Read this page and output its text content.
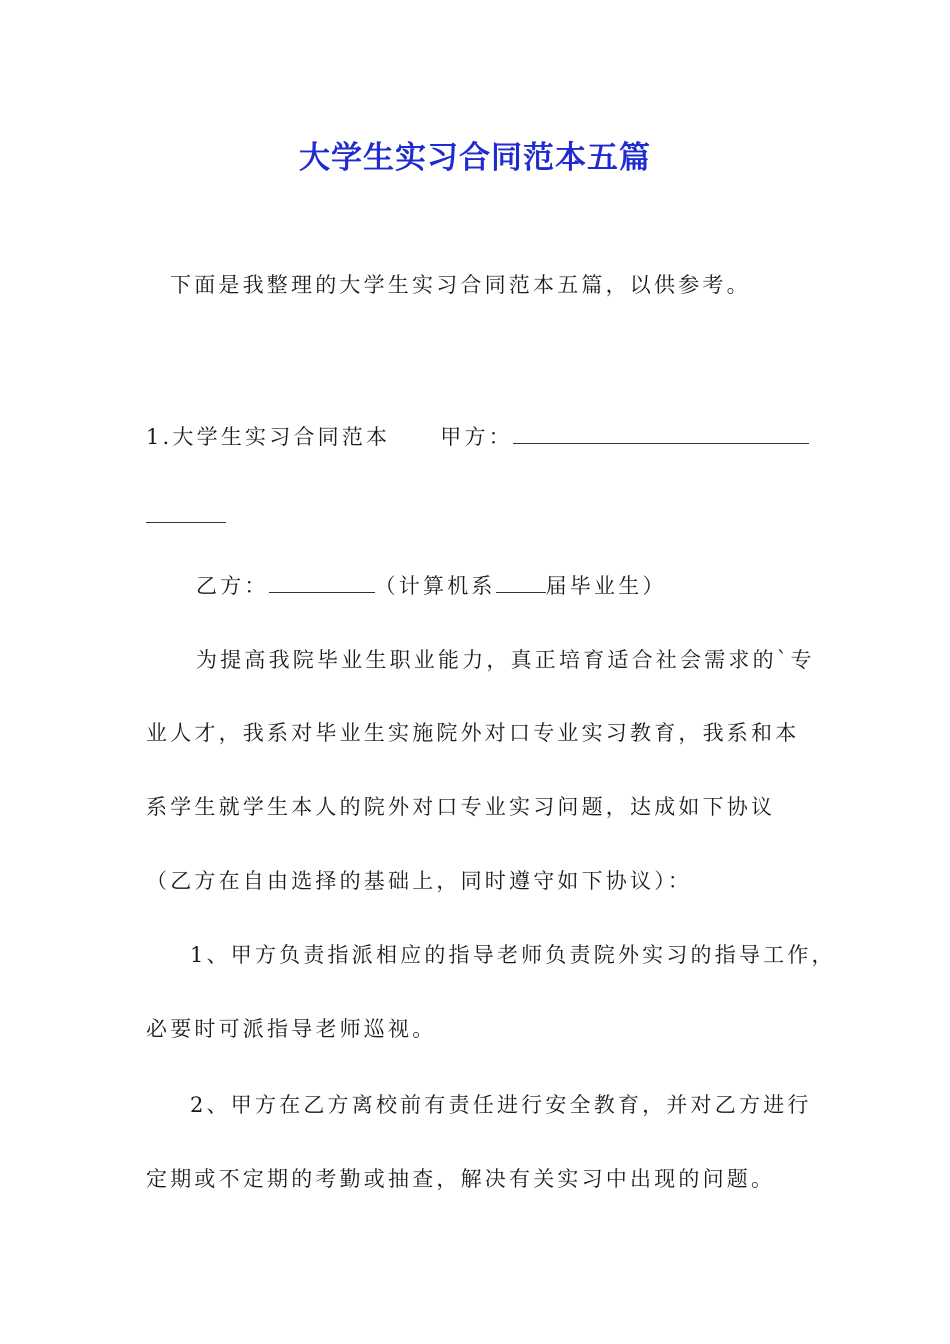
大学生实习合同范本五篇
下面是我整理的大学生实习合同范本五篇，以供参考。
1.大学生实习合同范本 甲方：
乙方：	（计算机系 届毕业生）
为提高我院毕业生职业能力，真正培育适合社会需求的`专
业人才，我系对毕业生实施院外对口专业实习教育，我系和本
系学生就学生本人的院外对口专业实习问题，达成如下协议
（乙方在自由选择的基础上，同时遵守如下协议）：
1、甲方负责指派相应的指导老师负责院外实习的指导工作，
必要时可派指导老师巡视。
2、甲方在乙方离校前有责任进行安全教育，并对乙方进行
定期或不定期的考勤或抽查，解决有关实习中出现的问题。
